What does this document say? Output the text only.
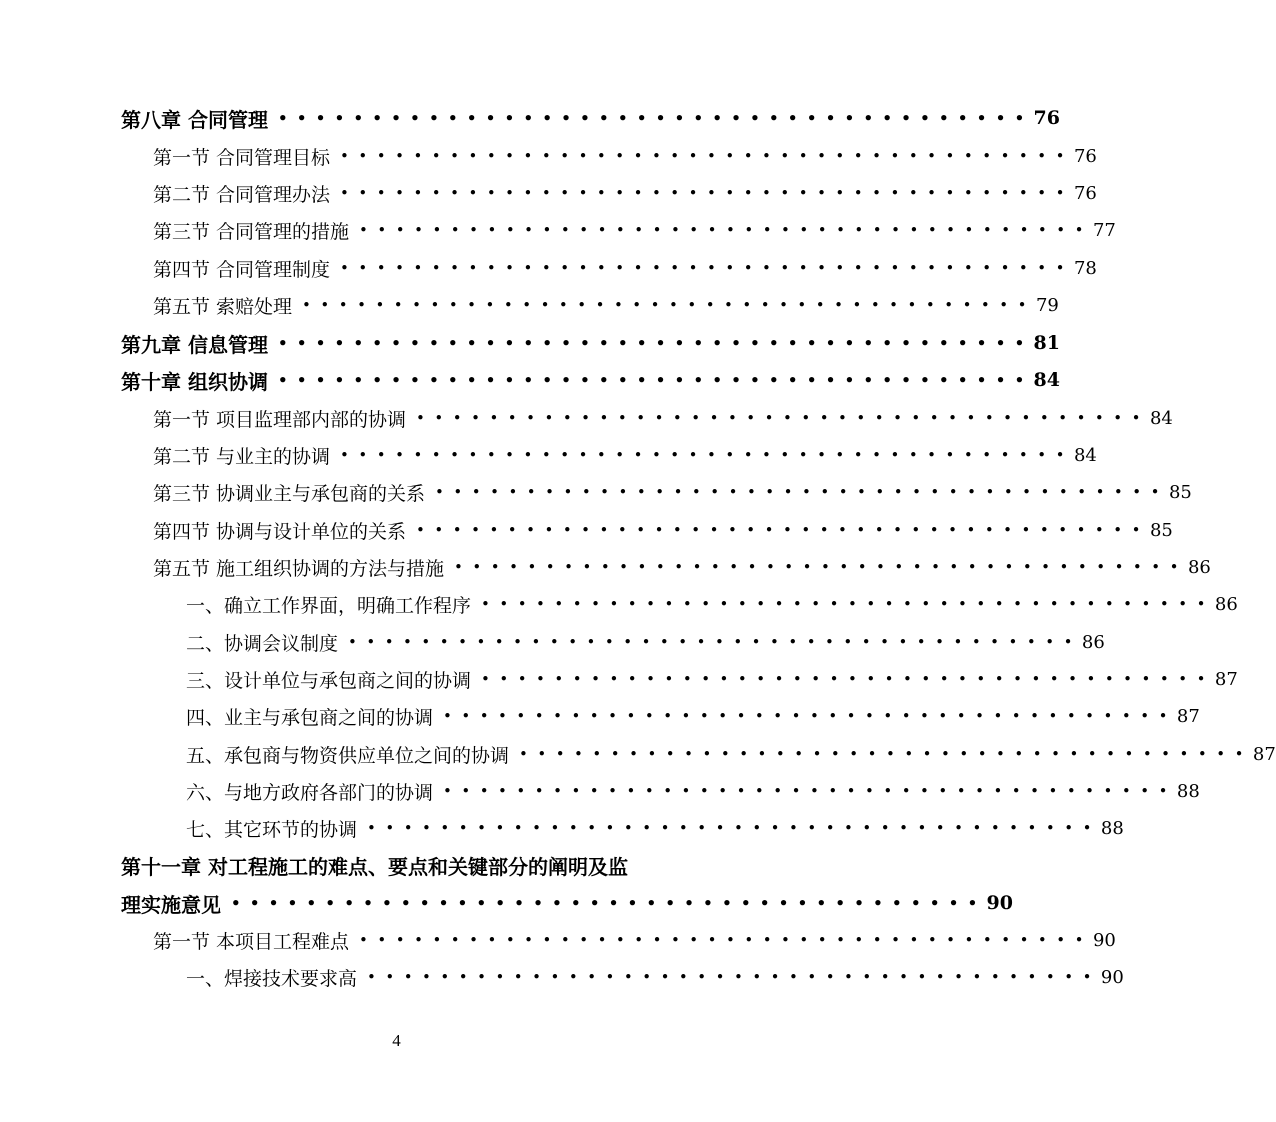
第八章 合同管理 •••••••••••••••••••••••••••••••••••••••• 76
第一节 合同管理目标 •••••••••••••••••••••••••••••••••••••••• 76
第二节 合同管理办法 •••••••••••••••••••••••••••••••••••••••• 76
第三节 合同管理的措施 •••••••••••••••••••••••••••••••••••••••• 77
第四节 合同管理制度 •••••••••••••••••••••••••••••••••••••••• 78
第五节 索赔处理 •••••••••••••••••••••••••••••••••••••••• 79
第九章 信息管理 •••••••••••••••••••••••••••••••••••••••• 81
第十章 组织协调 •••••••••••••••••••••••••••••••••••••••• 84
第一节 项目监理部内部的协调 •••••••••••••••••••••••••••••••••••••••• 84
第二节 与业主的协调 •••••••••••••••••••••••••••••••••••••••• 84
第三节 协调业主与承包商的关系 •••••••••••••••••••••••••••••••••••••••• 85
第四节 协调与设计单位的关系 •••••••••••••••••••••••••••••••••••••••• 85
第五节 施工组织协调的方法与措施 •••••••••••••••••••••••••••••••••••••••• 86
一、确立工作界面，明确工作程序 •••••••••••••••••••••••••••••••••••••••• 86
二、协调会议制度 •••••••••••••••••••••••••••••••••••••••• 86
三、设计单位与承包商之间的协调 •••••••••••••••••••••••••••••••••••••••• 87
四、业主与承包商之间的协调 •••••••••••••••••••••••••••••••••••••••• 87
五、承包商与物资供应单位之间的协调 •••••••••••••••••••••••••••••••••••••••• 87
六、与地方政府各部门的协调 •••••••••••••••••••••••••••••••••••••••• 88
七、其它环节的协调 •••••••••••••••••••••••••••••••••••••••• 88
第十一章 对工程施工的难点、要点和关键部分的阐明及监
理实施意见 •••••••••••••••••••••••••••••••••••••••• 90
第一节 本项目工程难点 •••••••••••••••••••••••••••••••••••••••• 90
一、焊接技术要求高 •••••••••••••••••••••••••••••••••••••••• 90
4
